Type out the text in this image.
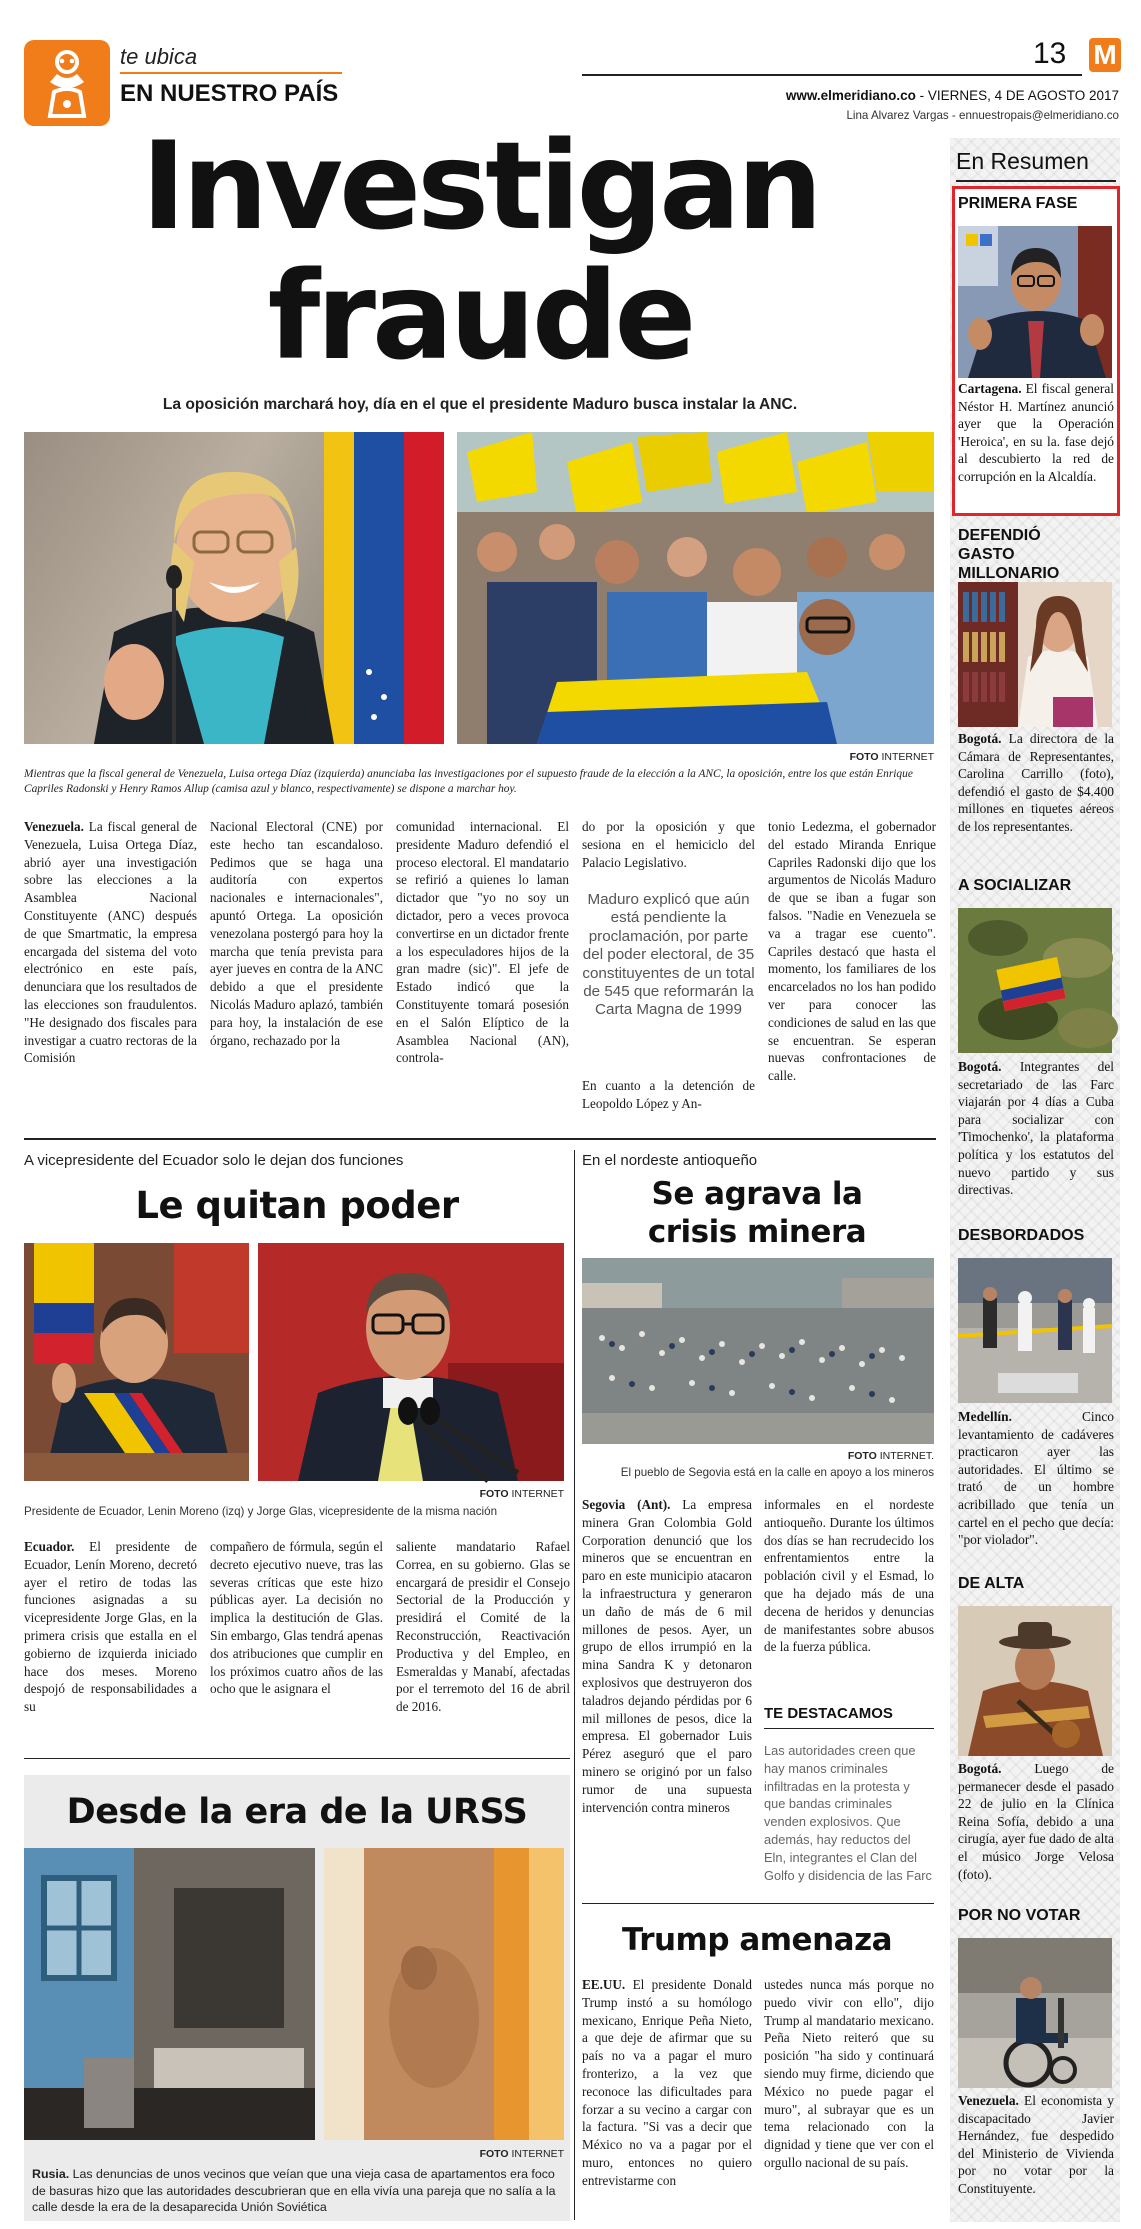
te ubica
EN NUESTRO PAÍS
13 M
www.elmeridiano.co - VIERNES, 4 DE AGOSTO 2017
Lina Alvarez Vargas - ennuestropais@elmeridiano.co
Investigan
fraude
La oposición marchará hoy, día en el que el presidente Maduro busca instalar la ANC.
FOTO INTERNET
Mientras que la fiscal general de Venezuela, Luisa ortega Díaz (izquierda) anunciaba las investigaciones por el supuesto fraude de la elección a la ANC, la oposición, entre los que están Enrique Capriles Radonski y Henry Ramos Allup (camisa azul y blanco, respectivamente) se dispone a marchar hoy.
Venezuela. La fiscal general de Venezuela, Luisa Ortega Díaz, abrió ayer una investigación sobre las elecciones a la Asamblea Nacional Constituyente (ANC) después de que Smartmatic, la empresa encargada del sistema del voto electrónico en este país, denunciara que los resultados de las elecciones son fraudulentos. "He designado dos fiscales para investigar a cuatro rectoras de la Comisión
Nacional Electoral (CNE) por este hecho tan escandaloso. Pedimos que se haga una auditoría con expertos nacionales e internacionales", apuntó Ortega. La oposición venezolana postergó para hoy la marcha que tenía prevista para ayer jueves en contra de la ANC debido a que el presidente Nicolás Maduro aplazó, también para hoy, la instalación de ese órgano, rechazado por la
comunidad internacional. El presidente Maduro defendió el proceso electoral. El mandatario se refirió a quienes lo laman dictador que "yo no soy un dictador, pero a veces provoca convertirse en un dictador frente a los especuladores hijos de la gran madre (sic)". El jefe de Estado indicó que la Constituyente tomará posesión en el Salón Elíptico de la Asamblea Nacional (AN), controla-
do por la oposición y que sesiona en el hemiciclo del Palacio Legislativo.
Maduro explicó que aún está pendiente la proclamación, por parte del poder electoral, de 35 constituyentes de un total de 545 que reformarán la Carta Magna de 1999
En cuanto a la detención de Leopoldo López y An-
tonio Ledezma, el gobernador del estado Miranda Enrique Capriles Radonski dijo que los argumentos de Nicolás Maduro de que se iban a fugar son falsos. "Nadie en Venezuela se va a tragar ese cuento". Capriles destacó que hasta el momento, los familiares de los encarcelados no los han podido ver para conocer las condiciones de salud en las que se encuentran. Se esperan nuevas confrontaciones de calle.
A vicepresidente del Ecuador solo le dejan dos funciones
Le quitan poder
FOTO INTERNET
Presidente de Ecuador, Lenin Moreno (izq) y Jorge Glas, vicepresidente de la misma nación
Ecuador. El presidente de Ecuador, Lenín Moreno, decretó ayer el retiro de todas las funciones asignadas a su vicepresidente Jorge Glas, en la primera crisis que estalla en el gobierno de izquierda iniciado hace dos meses. Moreno despojó de responsabilidades a su
compañero de fórmula, según el decreto ejecutivo nueve, tras las severas críticas que este hizo públicas ayer. La decisión no implica la destitución de Glas. Sin embargo, Glas tendrá apenas dos atribuciones que cumplir en los próximos cuatro años de las ocho que le asignara el
saliente mandatario Rafael Correa, en su gobierno. Glas se encargará de presidir el Consejo Sectorial de la Producción y presidirá el Comité de la Reconstrucción, Reactivación Productiva y del Empleo, en Esmeraldas y Manabí, afectadas por el terremoto del 16 de abril de 2016.
Desde la era de la URSS
FOTO INTERNET
Rusia. Las denuncias de unos vecinos que veían que una vieja casa de apartamentos era foco de basuras hizo que las autoridades descubrieran que en ella vivía una pareja que no salía a la calle desde la era de la desaparecida Unión Soviética
En el nordeste antioqueño
Se agrava la
crisis minera
FOTO INTERNET.
El pueblo de Segovia está en la calle en apoyo a los mineros
Segovia (Ant). La empresa minera Gran Colombia Gold Corporation denunció que los mineros que se encuentran en paro en este municipio atacaron la infraestructura y generaron un daño de más de 6 mil millones de pesos. Ayer, un grupo de ellos irrumpió en la mina Sandra K y detonaron explosivos que destruyeron dos taladros dejando pérdidas por 6 mil millones de pesos, dice la empresa. El gobernador Luis Pérez aseguró que el paro minero se originó por un falso rumor de una supuesta intervención contra mineros
informales en el nordeste antioqueño. Durante los últimos dos días se han recrudecido los enfrentamientos entre la población civil y el Esmad, lo que ha dejado más de una decena de heridos y denuncias de manifestantes sobre abusos de la fuerza pública.
TE DESTACAMOS
Las autoridades creen que hay manos criminales infiltradas en la protesta y que bandas criminales venden explosivos. Que además, hay reductos del Eln, integrantes el Clan del Golfo y disidencia de las Farc
Trump amenaza
EE.UU. El presidente Donald Trump instó a su homólogo mexicano, Enrique Peña Nieto, a que deje de afirmar que su país no va a pagar el muro fronterizo, a la vez que reconoce las dificultades para forzar a su vecino a cargar con la factura. "Si vas a decir que México no va a pagar por el muro, entonces no quiero entrevistarme con
ustedes nunca más porque no puedo vivir con ello", dijo Trump al mandatario mexicano. Peña Nieto reiteró que su posición "ha sido y continuará siendo muy firme, diciendo que México no puede pagar el muro", al subrayar que es un tema relacionado con la dignidad y tiene que ver con el orgullo nacional de su país.
En Resumen
PRIMERA FASE
Cartagena. El fiscal general Néstor H. Martínez anunció ayer que la Operación 'Heroica', en su la. fase dejó al descubierto la red de corrupción en la Alcaldía.
DEFENDIÓ GASTO MILLONARIO
Bogotá. La directora de la Cámara de Representantes, Carolina Carrillo (foto), defendió el gasto de $4.400 millones en tiquetes aéreos de los representantes.
A SOCIALIZAR
Bogotá. Integrantes del secretariado de las Farc viajarán por 4 días a Cuba para socializar con 'Timochenko', la plataforma política y los estatutos del nuevo partido y sus directivas.
DESBORDADOS
Medellín. Cinco levantamiento de cadáveres practicaron ayer las autoridades. El último se trató de un hombre acribillado que tenía un cartel en el pecho que decía: "por violador".
DE ALTA
Bogotá. Luego de permanecer desde el pasado 22 de julio en la Clínica Reina Sofía, debido a una cirugía, ayer fue dado de alta el músico Jorge Velosa (foto).
POR NO VOTAR
Venezuela. El economista y discapacitado Javier Hernández, fue despedido del Ministerio de Vivienda por no votar por la Constituyente.
